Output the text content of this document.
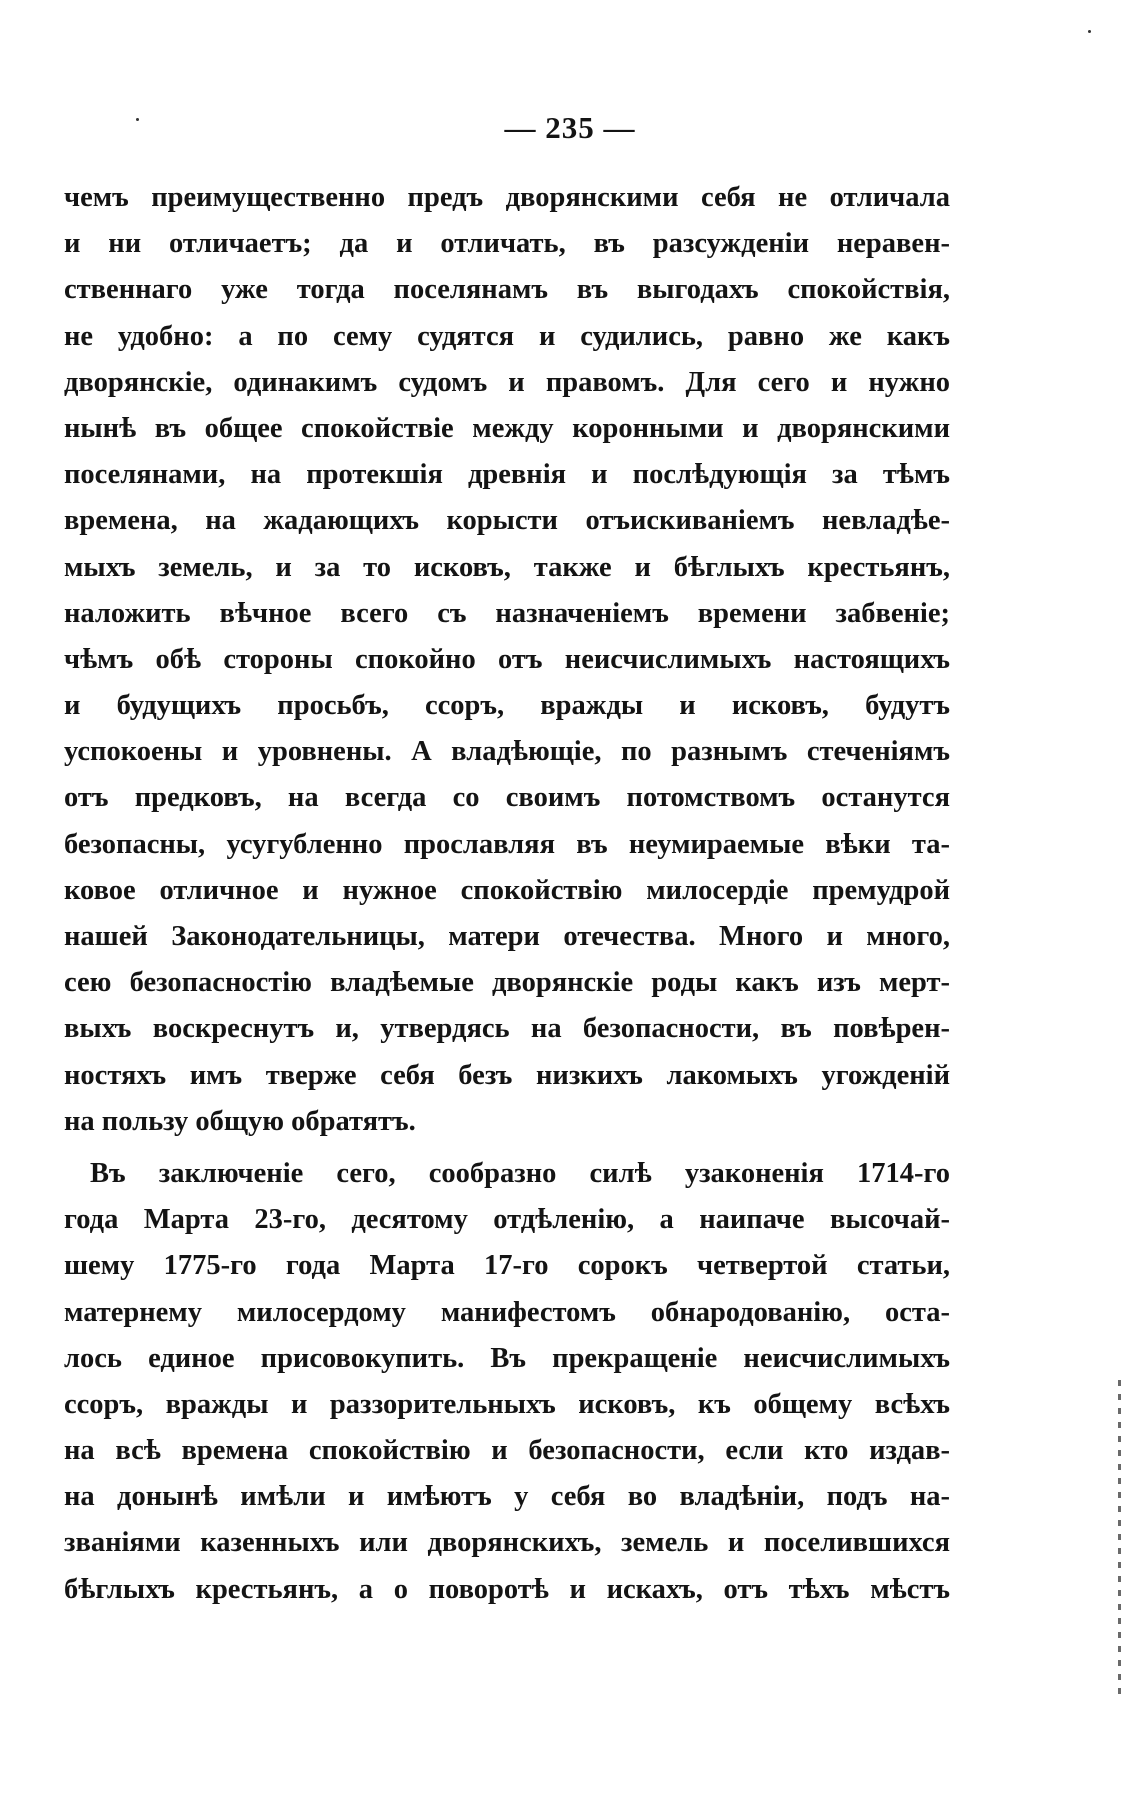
— 235 —
чемъ преимущественно предъ дворянскими себя не отличала
и ни отличаетъ; да и отличать, въ разсужденіи неравен-
ственнаго уже тогда поселянамъ въ выгодахъ спокойствія,
не удобно: а по сему судятся и судились, равно же какъ
дворянскіе, одинакимъ судомъ и правомъ. Для сего и нужно
нынѣ въ общее спокойствіе между коронными и дворянскими
поселянами, на протекшія древнія и послѣдующія за тѣмъ
времена, на жадающихъ корысти отъискиваніемъ невладѣе-
мыхъ земель, и за то исковъ, также и бѣглыхъ крестьянъ,
наложить вѣчное всего съ назначеніемъ времени забвеніе;
чѣмъ обѣ стороны спокойно отъ неисчислимыхъ настоящихъ
и будущихъ просьбъ, ссоръ, вражды и исковъ, будутъ
успокоены и уровнены. А владѣющіе, по разнымъ стеченіямъ
отъ предковъ, на всегда со своимъ потомствомъ останутся
безопасны, усугубленно прославляя въ неумираемые вѣки та-
ковое отличное и нужное спокойствію милосердіе премудрой
нашей Законодательницы, матери отечества. Много и много,
сею безопасностію владѣемые дворянскіе роды какъ изъ мерт-
выхъ воскреснутъ и, утвердясь на безопасности, въ повѣрен-
ностяхъ имъ тверже себя безъ низкихъ лакомыхъ угожденій
на пользу общую обратятъ.
Въ заключеніе сего, сообразно силѣ узаконенія 1714-го
года Марта 23-го, десятому отдѣленію, а наипаче высочай-
шему 1775-го года Марта 17-го сорокъ четвертой статьи,
матернему милосердому манифестомъ обнародованію, оста-
лось единое присовокупить. Въ прекращеніе неисчислимыхъ
ссоръ, вражды и раззорительныхъ исковъ, къ общему всѣхъ
на всѣ времена спокойствію и безопасности, если кто издав-
на донынѣ имѣли и имѣютъ у себя во владѣніи, подъ на-
званіями казенныхъ или дворянскихъ, земель и поселившихся
бѣглыхъ крестьянъ, а о поворотѣ и искахъ, отъ тѣхъ мѣстъ
